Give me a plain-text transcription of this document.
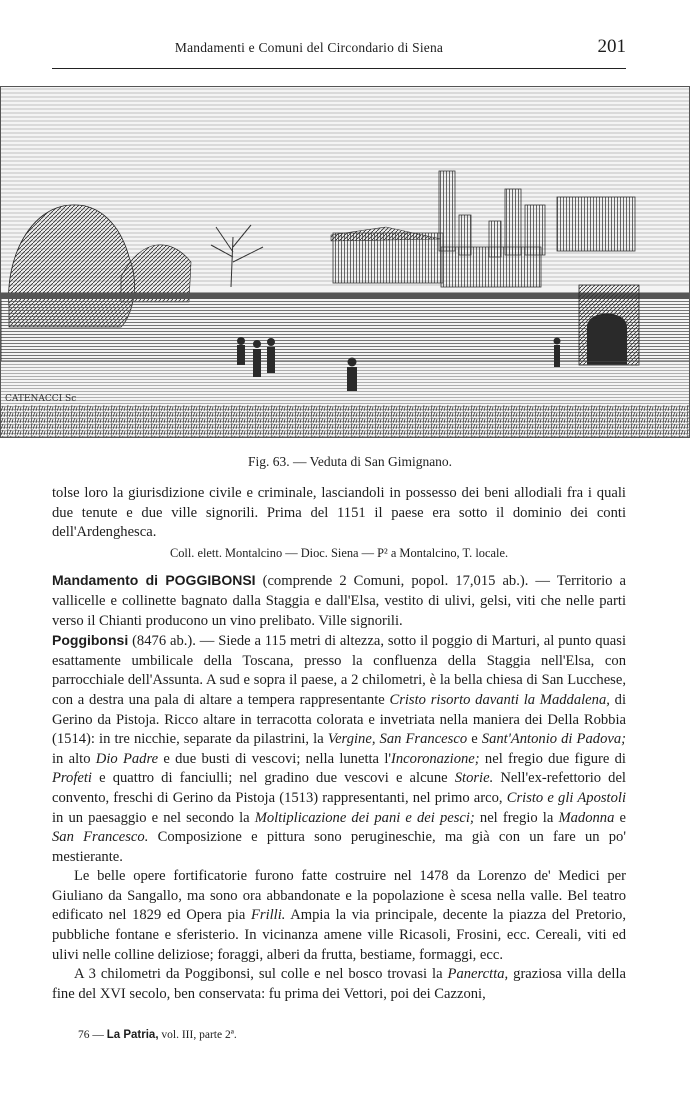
Mandamenti e Comuni del Circondario di Siena	201
CATENACCI Sc
Fig. 63. — Veduta di San Gimignano.

tolse loro la giurisdizione civile e criminale, lasciandoli in possesso dei beni allodiali fra i quali due tenute e due ville signorili. Prima del 1151 il paese era sotto il dominio dei conti dell'Ardenghesca.

Coll. elett. Montalcino — Dioc. Siena — P² a Montalcino, T. locale.

Mandamento di POGGIBONSI (comprende 2 Comuni, popol. 17,015 ab.). — Territorio a vallicelle e collinette bagnato dalla Staggia e dall'Elsa, vestito di ulivi, gelsi, viti che nelle parti verso il Chianti producono un vino prelibato. Ville signorili.

Poggibonsi (8476 ab.). — Siede a 115 metri di altezza, sotto il poggio di Marturi, al punto quasi esattamente umbilicale della Toscana, presso la confluenza della Staggia nell'Elsa, con parrocchiale dell'Assunta. A sud e sopra il paese, a 2 chilometri, è la bella chiesa di San Lucchese, con a destra una pala di altare a tempera rappresentante Cristo risorto davanti la Maddalena, di Gerino da Pistoja. Ricco altare in terracotta colorata e invetriata nella maniera dei Della Robbia (1514): in tre nicchie, separate da pilastrini, la Vergine, San Francesco e Sant'Antonio di Padova; in alto Dio Padre e due busti di vescovi; nella lunetta l'Incoronazione; nel fregio due figure di Profeti e quattro di fanciulli; nel gradino due vescovi e alcune Storie. Nell'ex-refettorio del convento, freschi di Gerino da Pistoja (1513) rappresentanti, nel primo arco, Cristo e gli Apostoli in un paesaggio e nel secondo la Moltiplicazione dei pani e dei pesci; nel fregio la Madonna e San Francesco. Composizione e pittura sono perugineschie, ma già con un fare un po' mestierante.

Le belle opere fortificatorie furono fatte costruire nel 1478 da Lorenzo de' Medici per Giuliano da Sangallo, ma sono ora abbandonate e la popolazione è scesa nella valle. Bel teatro edificato nel 1829 ed Opera pia Frilli. Ampia la via principale, decente la piazza del Pretorio, pubbliche fontane e sferisterio. In vicinanza amene ville Ricasoli, Frosini, ecc. Cereali, viti ed ulivi nelle colline deliziose; foraggi, alberi da frutta, bestiame, formaggi, ecc.

A 3 chilometri da Poggibonsi, sul colle e nel bosco trovasi la Panerctta, graziosa villa della fine del XVI secolo, ben conservata: fu prima dei Vettori, poi dei Cazzoni,

76 — La Patria, vol. III, parte 2ª.
